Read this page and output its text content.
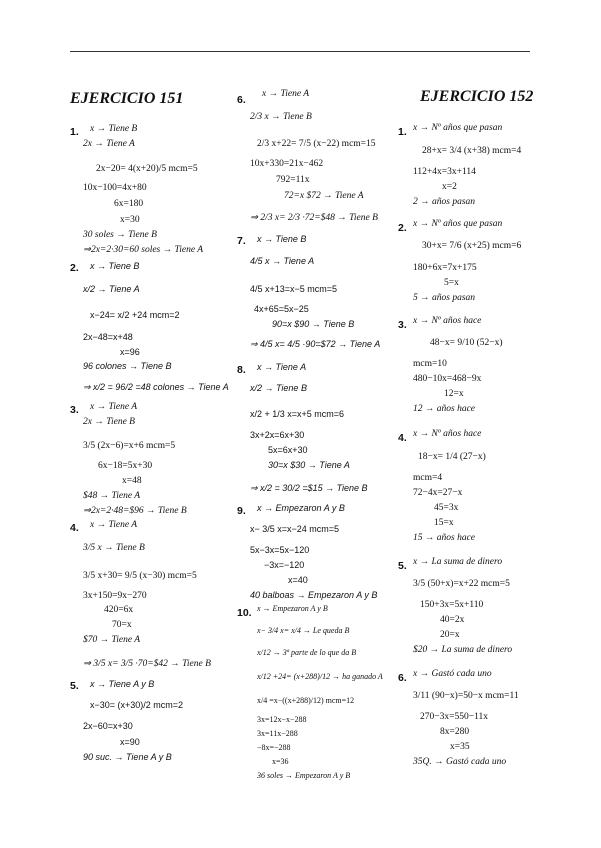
EJERCICIO 151	EJERCICIO 152
1. x → Tiene B
2x → Tiene A
2x−20= 4(x+20)/5 mcm=5
10x−100=4x+80
6x=180
x=30
30 soles → Tiene B
⇒2x=2·30=60 soles → Tiene A
2. x → Tiene B
x/2 → Tiene A
x−24= x/2 +24 mcm=2
2x−48=x+48
x=96
96 colones → Tiene B
⇒ x/2 = 96/2 =48 colones → Tiene A
3. x → Tiene A
2x → Tiene B
3/5 (2x−6)=x+6 mcm=5
6x−18=5x+30
x=48
$48 → Tiene A
⇒2x=2·48=$96 → Tiene B
4. x → Tiene A
3/5 x → Tiene B
3/5 x+30= 9/5 (x−30) mcm=5
3x+150=9x−270
420=6x
70=x
$70 → Tiene A
⇒ 3/5 x= 3/5 ·70=$42 → Tiene B
5. x → Tiene A y B
x−30= (x+30)/2 mcm=2
2x−60=x+30
x=90
90 suc. → Tiene A y B
6. x → Tiene A
2/3 x → Tiene B
2/3 x+22= 7/5 (x−22) mcm=15
10x+330=21x−462
792=11x
72=x $72 → Tiene A
⇒ 2/3 x= 2/3 ·72=$48 → Tiene B
7. x → Tiene B
4/5 x → Tiene A
4/5 x+13=x−5 mcm=5
4x+65=5x−25
90=x $90 → Tiene B
⇒ 4/5 x= 4/5 ·90=$72 → Tiene A
8. x → Tiene A
x/2 → Tiene B
x/2 + 1/3 x=x+5 mcm=6
3x+2x=6x+30
5x=6x+30
30=x $30 → Tiene A
⇒ x/2 = 30/2 =$15 → Tiene B
9. x → Empezaron A y B
x− 3/5 x=x−24 mcm=5
5x−3x=5x−120
−3x=−120
x=40
40 balboas → Empezaron A y B
10. x → Empezaron A y B
x− 3/4 x= x/4 → Le queda B
x/12 → 3ª parte de lo que da B
x/12 +24= (x+288)/12 → ha ganado A
x/4 =x−((x+288)/12) mcm=12
3x=12x−x−288
3x=11x−288
−8x=−288
x=36
36 soles → Empezaron A y B
1. x → Nº años que pasan
28+x= 3/4 (x+38) mcm=4
112+4x=3x+114
x=2
2 → años pasan
2. x → Nº años que pasan
30+x= 7/6 (x+25) mcm=6
180+6x=7x+175
5=x
5 → años pasan
3. x → Nº años hace
48−x= 9/10 (52−x)
mcm=10
480−10x=468−9x
12=x
12 → años hace
4. x → Nº años hace
18−x= 1/4 (27−x)
mcm=4
72−4x=27−x
45=3x
15=x
15 → años hace
5. x → La suma de dinero
3/5 (50+x)=x+22 mcm=5
150+3x=5x+110
40=2x
20=x
$20 → La suma de dinero
6. x → Gastó cada uno
3/11 (90−x)=50−x mcm=11
270−3x=550−11x
8x=280
x=35
35Q. → Gastó cada uno
